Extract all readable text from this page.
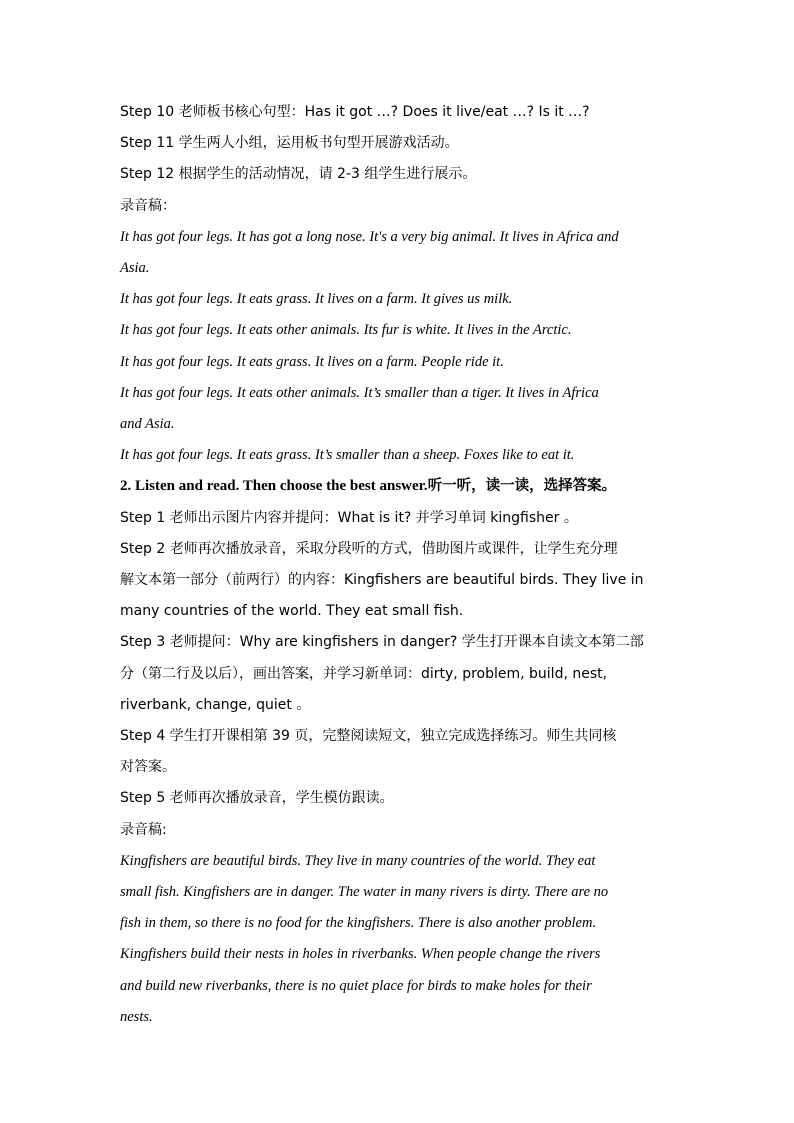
Step 10 老师板书核心句型：Has it got …? Does it live/eat …? Is it …?
Step 11 学生两人小组，运用板书句型开展游戏活动。
Step 12 根据学生的活动情况，请 2-3 组学生进行展示。
录音稿：
It has got four legs. It has got a long nose. It's a very big animal. It lives in Africa and
Asia.
It has got four legs. It eats grass. It lives on a farm. It gives us milk.
It has got four legs. It eats other animals. Its fur is white. It lives in the Arctic.
It has got four legs. It eats grass. It lives on a farm. People ride it.
It has got four legs. It eats other animals. It’s smaller than a tiger. It lives in Africa
and Asia.
It has got four legs. It eats grass. It’s smaller than a sheep. Foxes like to eat it.
2. Listen and read. Then choose the best answer.听一听，读一读，选择答案。
Step 1 老师出示图片内容并提问：What is it? 并学习单词 kingfisher 。
Step 2 老师再次播放录音，采取分段听的方式，借助图片或课件，让学生充分理
解文本第一部分（前两行）的内容：Kingfishers are beautiful birds. They live in
many countries of the world. They eat small fish.
Step 3 老师提问：Why are kingfishers in danger? 学生打开课本自读文本第二部
分（第二行及以后），画出答案，并学习新单词：dirty, problem, build, nest,
riverbank, change, quiet 。
Step 4 学生打开课相第 39 页，完整阅读短文，独立完成选择练习。师生共同核
对答案。
Step 5 老师再次播放录音，学生模仿跟读。
录音稿:
Kingfishers are beautiful birds. They live in many countries of the world. They eat
small fish. Kingfishers are in danger. The water in many rivers is dirty. There are no
fish in them, so there is no food for the kingfishers. There is also another problem.
Kingfishers build their nests in holes in riverbanks. When people change the rivers
and build new riverbanks, there is no quiet place for birds to make holes for their
nests.
